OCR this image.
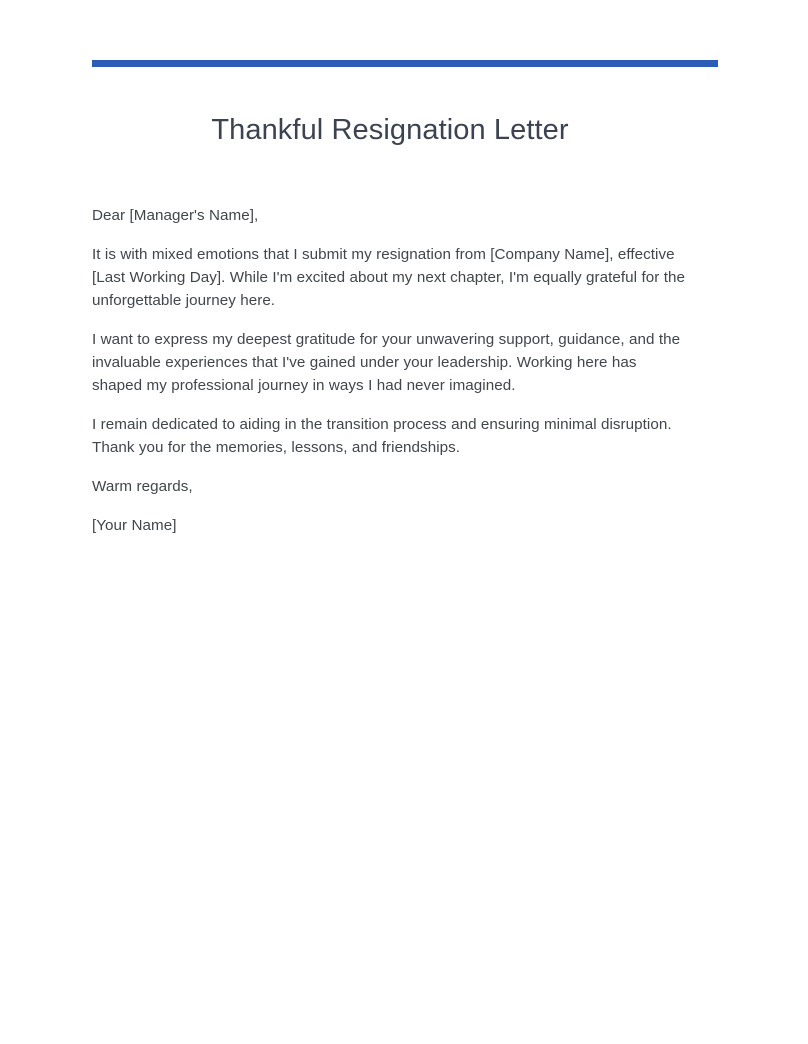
Thankful Resignation Letter

Dear [Manager's Name],

It is with mixed emotions that I submit my resignation from [Company Name], effective [Last Working Day]. While I'm excited about my next chapter, I'm equally grateful for the unforgettable journey here.

I want to express my deepest gratitude for your unwavering support, guidance, and the invaluable experiences that I've gained under your leadership. Working here has shaped my professional journey in ways I had never imagined.

I remain dedicated to aiding in the transition process and ensuring minimal disruption. Thank you for the memories, lessons, and friendships.

Warm regards,

[Your Name]
